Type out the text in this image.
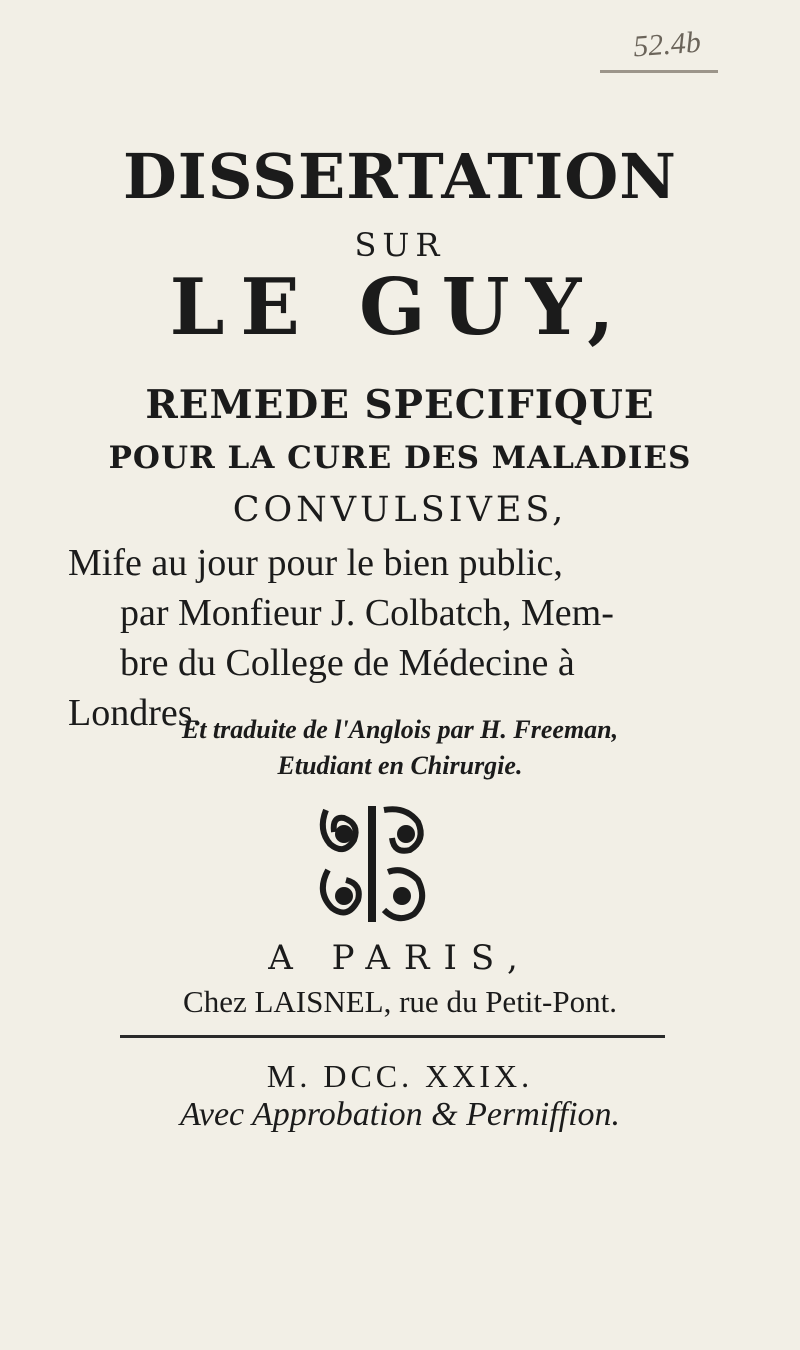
52.4b
DISSERTATION
SUR
LE GUY,
REMEDE SPECIFIQUE
POUR LA CURE DES MALADIES
CONVULSIVES,
Mife au jour pour le bien public,
par Monfieur J. Colbatch, Mem-
bre du College de Médecine à
Londres.
Et traduite de l'Anglois par H. Freeman,
Etudiant en Chirurgie.
A PARIS,
Chez LAISNEL, rue du Petit-Pont.
M. DCC. XXIX.
Avec Approbation & Permiffion.
